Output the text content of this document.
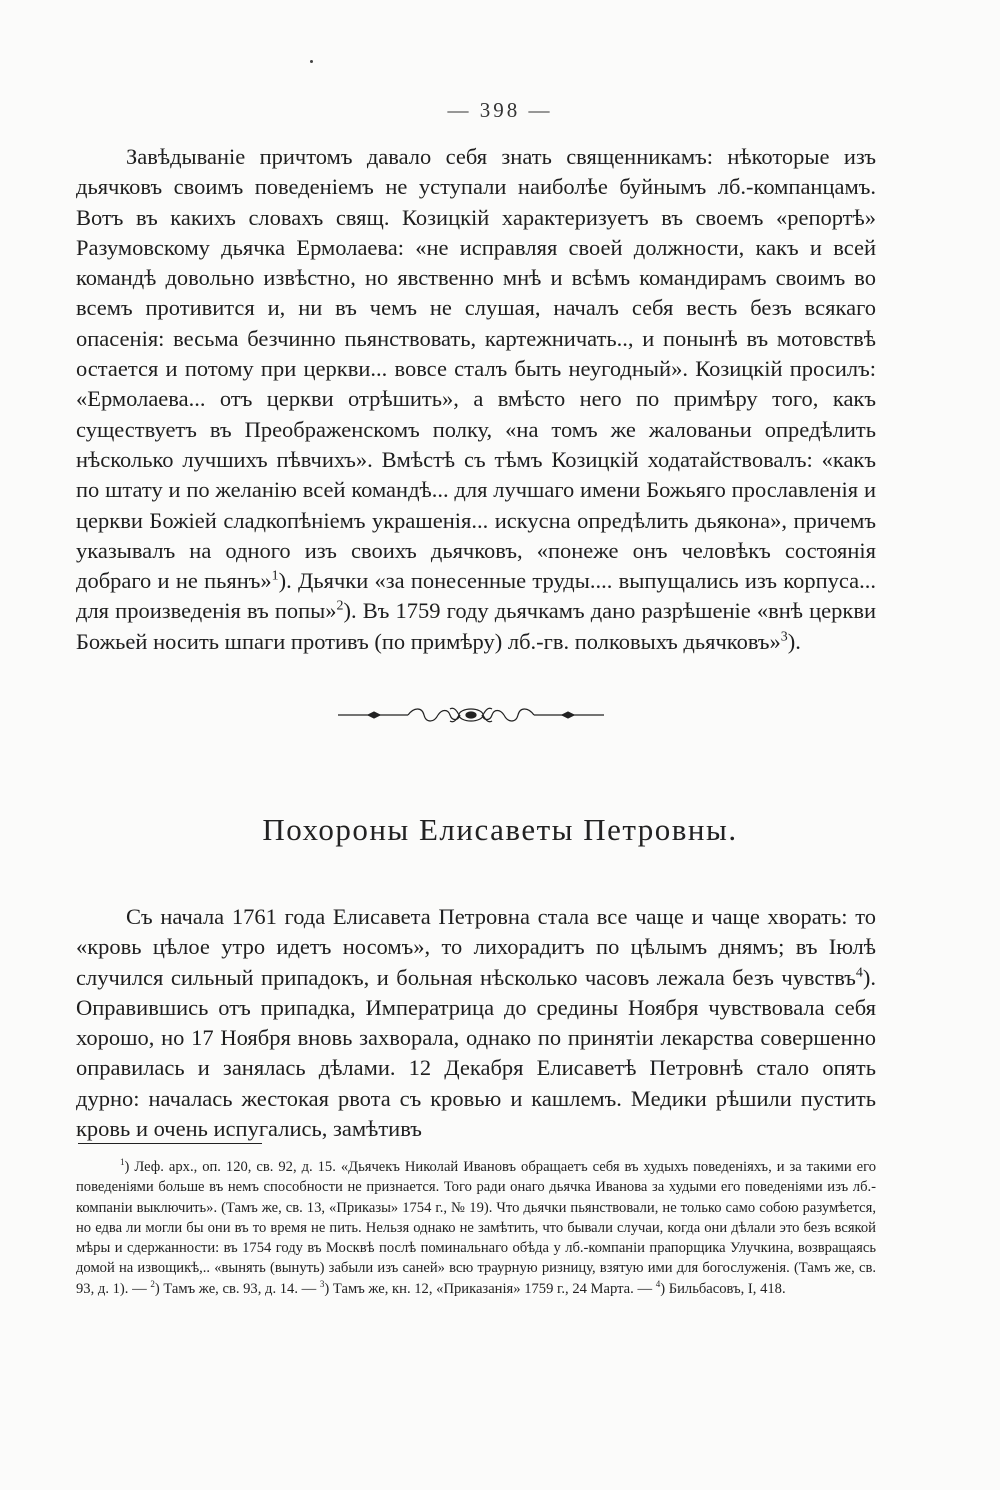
— 398 —

Завѣдываніе причтомъ давало себя знать священникамъ: нѣкоторые изъ дьячковъ своимъ поведеніемъ не уступали наиболѣе буйнымъ лб.-компанцамъ. Вотъ въ какихъ словахъ свящ. Козицкій характеризуетъ въ своемъ «репортѣ» Разумовскому дьячка Ермолаева: «не исправляя своей должности, какъ и всей командѣ довольно извѣстно, но явственно мнѣ и всѣмъ командирамъ своимъ во всемъ противится и, ни въ чемъ не слушая, началъ себя весть безъ всякаго опасенія: весьма безчинно пьянствовать, картежничать.., и понынѣ въ мотовствѣ остается и потому при церкви... вовсе сталъ быть неугодный». Козицкій просилъ: «Ермолаева... отъ церкви отрѣшить», а вмѣсто него по примѣру того, какъ существуетъ въ Преображенскомъ полку, «на томъ же жалованьи опредѣлить нѣсколько лучшихъ пѣвчихъ». Вмѣстѣ съ тѣмъ Козицкій ходатайствовалъ: «какъ по штату и по желанію всей командѣ... для лучшаго имени Божьяго прославленія и церкви Божіей сладкопѣніемъ украшенія... искусна опредѣлить дьякона», причемъ указывалъ на одного изъ своихъ дьячковъ, «понеже онъ человѣкъ состоянія добраго и не пьянъ»$^1$). Дьячки «за понесенные труды.... выпущались изъ корпуса... для произведенія въ попы»$^2$). Въ 1759 году дьячкамъ дано разрѣшеніе «внѣ церкви Божьей носить шпаги противъ (по примѣру) лб.-гв. полковыхъ дьячковъ»$^3$).

Похороны Елисаветы Петровны.

Съ начала 1761 года Елисавета Петровна стала все чаще и чаще хворать: то «кровь цѣлое утро идетъ носомъ», то лихорадитъ по цѣлымъ днямъ; въ Іюлѣ случился сильный припадокъ, и больная нѣсколько часовъ лежала безъ чувствъ$^4$). Оправившись отъ припадка, Императрица до средины Ноября чувствовала себя хорошо, но 17 Ноября вновь захворала, однако по принятіи лекарства совершенно оправилась и занялась дѣлами. 12 Декабря Елисаветѣ Петровнѣ стало опять дурно: началась жестокая рвота съ кровью и кашлемъ. Медики рѣшили пустить кровь и очень испугались, замѣтивъ

$^1$) Леф. арх., оп. 120, св. 92, д. 15. «Дьячекъ Николай Ивановъ обращаетъ себя въ худыхъ поведеніяхъ, и за такими его поведеніями больше въ немъ способности не признается. Того ради онаго дьячка Иванова за худыми его поведеніями изъ лб.-компаніи выключить». (Тамъ же, св. 13, «Приказы» 1754 г., № 19). Что дьячки пьянствовали, не только само собою разумѣется, но едва ли могли бы они въ то время не пить. Нельзя однако не замѣтить, что бывали случаи, когда они дѣлали это безъ всякой мѣры и сдержанности: въ 1754 году въ Москвѣ послѣ поминальнаго обѣда у лб.-компаніи прапорщика Улучкина, возвращаясь домой на извощикѣ,.. «вынять (вынуть) забыли изъ саней» всю траурную ризницу, взятую ими для богослуженія. (Тамъ же, св. 93, д. 1). — $^2$) Тамъ же, св. 93, д. 14. — $^3$) Тамъ же, кн. 12, «Приказанія» 1759 г., 24 Марта. — $^4$) Бильбасовъ, I, 418.
